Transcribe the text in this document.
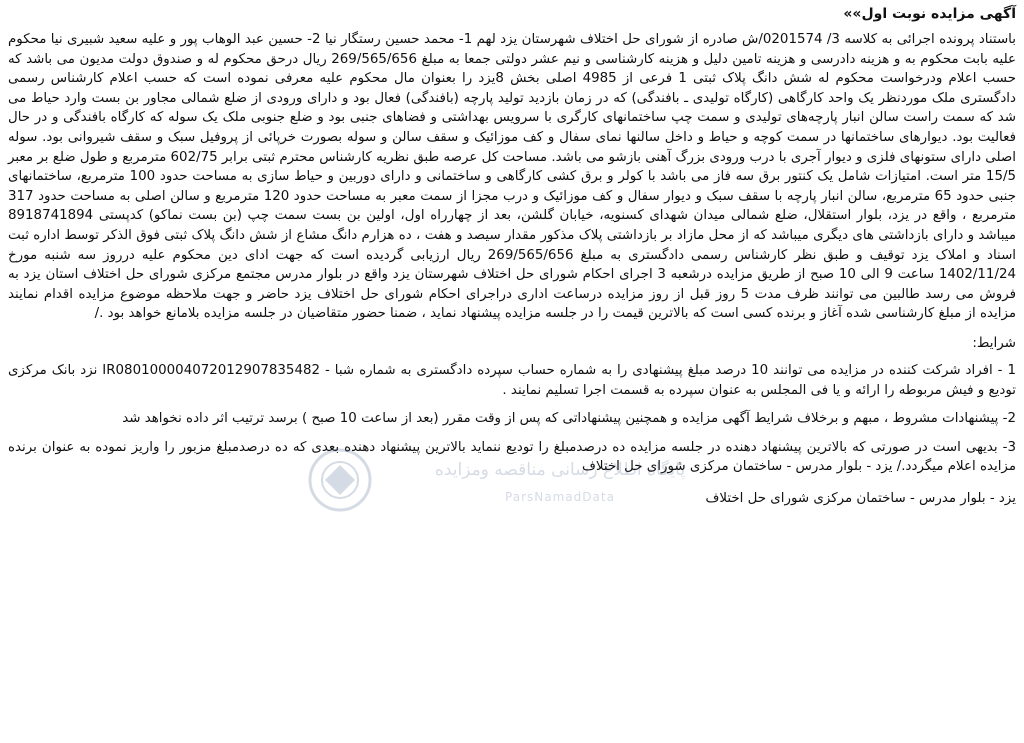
آگهی مزایده نوبت اول»»

باستناد پرونده اجرائی به کلاسه 3/ 0201574/ش صادره از شورای حل اختلاف شهرستان یزد لهم 1- محمد حسین رستگار نیا 2- حسین عبد الوهاب پور و علیه سعید شبیری نیا محکوم علیه بابت محکوم به و هزینه دادرسی و هزینه تامین دلیل و هزینه کارشناسی و نیم عشر دولتی جمعا به مبلغ 269/565/656 ریال درحق محکوم له و صندوق دولت مدیون می باشد که حسب اعلام ودرخواست محکوم له شش دانگ پلاک ثبتی 1 فرعی از 4985 اصلی بخش 8یزد را بعنوان مال محکوم علیه معرفی نموده است که حسب اعلام کارشناس رسمی دادگستری ملک موردنظر یک واحد کارگاهی (کارگاه تولیدی ـ بافندگی) که در زمان بازدید تولید پارچه (بافندگی) فعال بود و دارای ورودی از ضلع شمالی مجاور بن بست وارد حیاط می شد که سمت راست سالن انبار پارچه‌های تولیدی و سمت چپ ساختمانهای کارگری با سرویس بهداشتی و فضاهای جنبی بود و ضلع جنوبی ملک یک سوله که کارگاه بافندگی و در حال فعالیت بود. دیوارهای ساختمانها در سمت کوچه و حیاط و داخل سالنها نمای سفال و کف موزائیک و سقف سالن و سوله بصورت خرپائی از پروفیل سبک و سقف شیروانی بود. سوله اصلی دارای ستونهای فلزی و دیوار آجری با درب ورودی بزرگ آهنی بازشو می باشد. مساحت کل عرصه طبق نظریه کارشناس محترم ثبتی برابر 602/75 مترمربع و طول ضلع بر معبر 15/5 متر است. امتیازات شامل یک کنتور برق سه فاز می باشد با کولر و برق کشی کارگاهی و ساختمانی و دارای دوربین و حیاط سازی به مساحت حدود 100 مترمربع، ساختمانهای جنبی حدود 65 مترمربع، سالن انبار پارچه با سقف سبک و دیوار سفال و کف موزائیک و درب مجزا از سمت معبر به مساحت حدود 120 مترمربع و سالن اصلی به مساحت حدود 317 مترمربع ، واقع در یزد، بلوار استقلال، ضلع شمالی میدان شهدای کسنویه، خیابان گلشن، بعد از چهارراه اول، اولین بن بست سمت چپ (بن بست نماکو) کدپستی 8918741894 میباشد و دارای بازداشتی های دیگری میباشد که از محل مازاد بر بازداشتی پلاک مذکور مقدار سیصد و هفت ، ده هزارم دانگ مشاع از شش دانگ پلاک ثبتی فوق الذکر توسط اداره ثبت اسناد و املاک یزد توقیف و طبق نظر کارشناس رسمی دادگستری به مبلغ 269/565/656 ریال ارزیابی گردیده است که جهت ادای دین محکوم علیه درروز سه شنبه مورخ 1402/11/24 ساعت 9 الی 10 صبح از طریق مزایده درشعبه 3 اجرای احکام شورای حل اختلاف شهرستان یزد واقع در بلوار مدرس مجتمع مرکزی شورای حل اختلاف استان یزد به فروش می رسد طالبین می توانند ظرف مدت 5 روز قبل از روز مزایده درساعت اداری دراجرای احکام شورای حل اختلاف یزد حاضر و جهت ملاحظه موضوع مزایده اقدام نمایند مزایده از مبلغ کارشناسی شده آغاز و برنده کسی است که بالاترین قیمت را در جلسه مزایده پیشنهاد نماید ، ضمنا حضور متقاضیان در جلسه مزایده بلامانع خواهد بود ./

شرایط:

1 - افراد شرکت کننده در مزایده می توانند 10 درصد مبلغ پیشنهادی را به شماره حساب سپرده دادگستری به شماره شبا - IR080100004072012907835482 نزد بانک مرکزی تودیع و فیش مربوطه را ارائه و یا فی المجلس به عنوان سپرده به قسمت اجرا تسلیم نمایند .

2- پیشنهادات مشروط ، مبهم و برخلاف شرایط آگهی مزایده و همچنین پیشنهاداتی که پس از وقت مقرر (بعد از ساعت 10 صبح ) برسد ترتیب اثر داده نخواهد شد

3- بدیهی است در صورتی که بالاترین پیشنهاد دهنده در جلسه مزایده ده درصدمبلغ را تودیع ننماید بالاترین پیشنهاد دهنده بعدی که ده درصدمبلغ مزبور را واریز نموده به عنوان برنده مزایده اعلام میگردد./ یزد - بلوار مدرس - ساختمان مرکزی شورای حل اختلاف

یزد - بلوار مدرس - ساختمان مرکزی شورای حل اختلاف
پایگاه اطلاع رسانی مناقصه ومزایده
ParsNamadData
